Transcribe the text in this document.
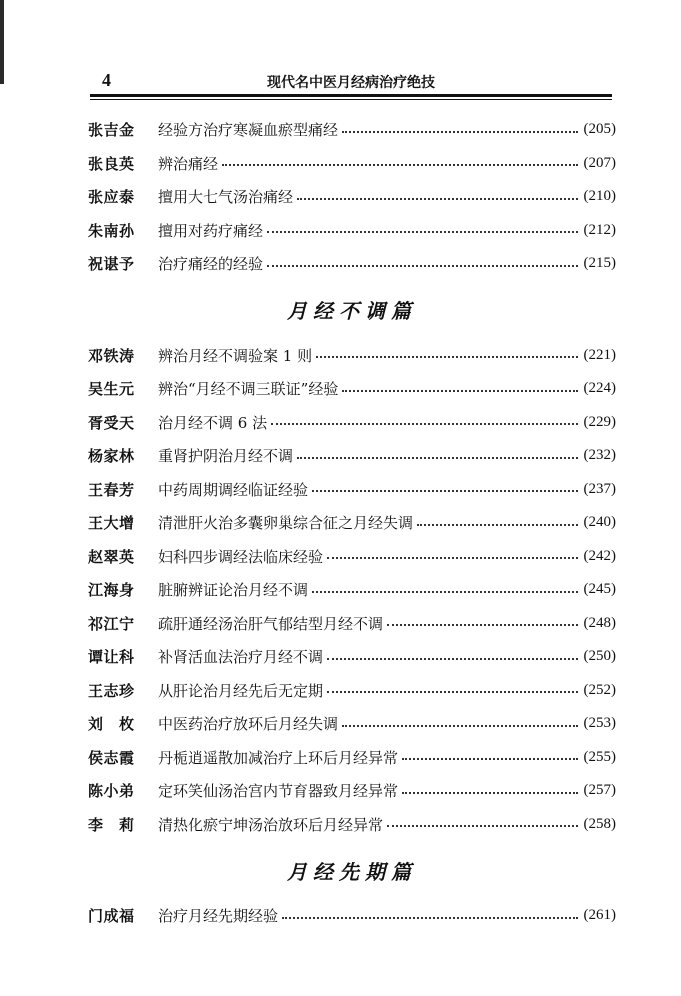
4	现代名中医月经病治疗绝技
张吉金	经验方治疗寒凝血瘀型痛经	(205)
张良英	辨治痛经	(207)
张应泰	擅用大七气汤治痛经	(210)
朱南孙	擅用对药疗痛经	(212)
祝谌予	治疗痛经的经验	(215)
月经不调篇
邓铁涛	辨治月经不调验案 1 则	(221)
吴生元	辨治“月经不调三联证”经验	(224)
胥受天	治月经不调 6 法	(229)
杨家林	重肾护阴治月经不调	(232)
王春芳	中药周期调经临证经验	(237)
王大增	清泄肝火治多囊卵巢综合征之月经失调	(240)
赵翠英	妇科四步调经法临床经验	(242)
江海身	脏腑辨证论治月经不调	(245)
祁江宁	疏肝通经汤治肝气郁结型月经不调	(248)
谭让科	补肾活血法治疗月经不调	(250)
王志珍	从肝论治月经先后无定期	(252)
刘　枚	中医药治疗放环后月经失调	(253)
侯志霞	丹栀逍遥散加减治疗上环后月经异常	(255)
陈小弟	定环笑仙汤治宫内节育器致月经异常	(257)
李　莉	清热化瘀宁坤汤治放环后月经异常	(258)
月经先期篇
门成福	治疗月经先期经验	(261)
